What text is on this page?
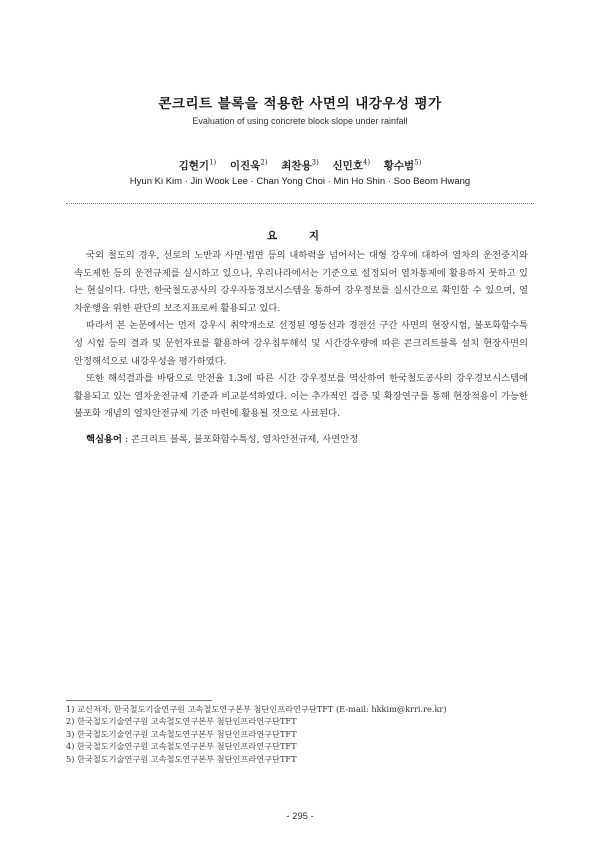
콘크리트 블록을 적용한 사면의 내강우성 평가
Evaluation of using concrete block slope under rainfall
김현기$^{1)}$ 이진욱$^{2)}$ 최찬용$^{3)}$ 신민호$^{4)}$ 황수범$^{5)}$
Hyun Ki Kim · Jin Wook Lee · Chan Yong Choi · Min Ho Shin · Soo Beom Hwang
요 지

국외 철도의 경우, 선로의 노반과 사면·법면 등의 내하력을 넘어서는 대형 강우에 대하여 열차의 운전중지와 속도제한 등의 운전규제를 실시하고 있으나, 우리나라에서는 기준으로 설정되어 열차통제에 활용하지 못하고 있는 현실이다. 다만, 한국철도공사의 강우자동경보시스템을 통하여 강우정보를 실시간으로 확인할 수 있으며, 열차운행을 위한 판단의 보조지표로써 활용되고 있다.

따라서 본 논문에서는 먼저 강우시 취약개소로 선정된 영동선과 경전선 구간 사면의 현장시험, 불포화함수특성 시험 등의 결과 및 문헌자료를 활용하여 강우침투해석 및 시간강우량에 따른 콘크리트블록 설치 현장사면의 안정해석으로 내강우성을 평가하였다.

또한 해석결과를 바탕으로 안전율 1.3에 따른 시간 강우정보를 역산하여 한국철도공사의 강우경보시스템에 활용되고 있는 열차운전규제 기준과 비교분석하였다. 이는 추가적인 검증 및 확장연구를 통해 현장적용이 가능한 불포화 개념의 열차안전규제 기준 마련에 활용될 것으로 사료된다.

핵심용어 : 콘크리트 블록, 불포화함수특성, 열차안전규제, 사면안정
1) 교신저자, 한국철도기술연구원 고속철도연구본부 첨단인프라연구단TFT (E-mail: hkkim@krri.re.kr)
2) 한국철도기술연구원 고속철도연구본부 첨단인프라연구단TFT
3) 한국철도기술연구원 고속철도연구본부 첨단인프라연구단TFT
4) 한국철도기술연구원 고속철도연구본부 첨단인프라연구단TFT
5) 한국철도기술연구원 고속철도연구본부 첨단인프라연구단TFT
- 295 -
